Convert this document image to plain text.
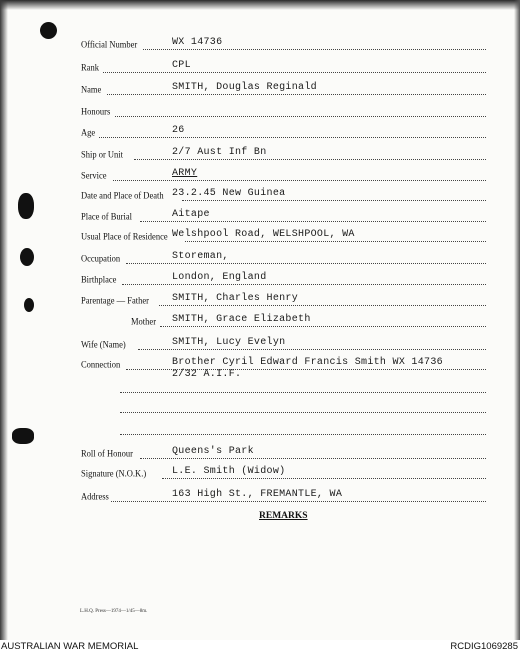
Official Number	WX 14736
Rank	CPL
Name	SMITH, Douglas Reginald
Honours
Age	26
Ship or Unit	2/7 Aust Inf Bn
Service	ARMY
Date and Place of Death 23.2.45 New Guinea
Place of Burial	Aitape
Usual Place of Residence Welshpool Road, WELSHPOOL, WA
Occupation	Storeman,
Birthplace	London, England
Parentage — Father SMITH, Charles Henry
Mother SMITH, Grace Elizabeth
Wife (Name)	SMITH, Lucy Evelyn
Connection	Brother Cyril Edward Francis Smith WX 14736
2/32 A.I.F.
Roll of Honour	Queens's Park
Signature (N.O.K.)	L.E. Smith (Widow)
Address	163 High St., FREMANTLE, WA
REMARKS
L.H.Q. Press—1974—1/45—8m.
AUSTRALIAN WAR MEMORIAL	RCDIG1069285
